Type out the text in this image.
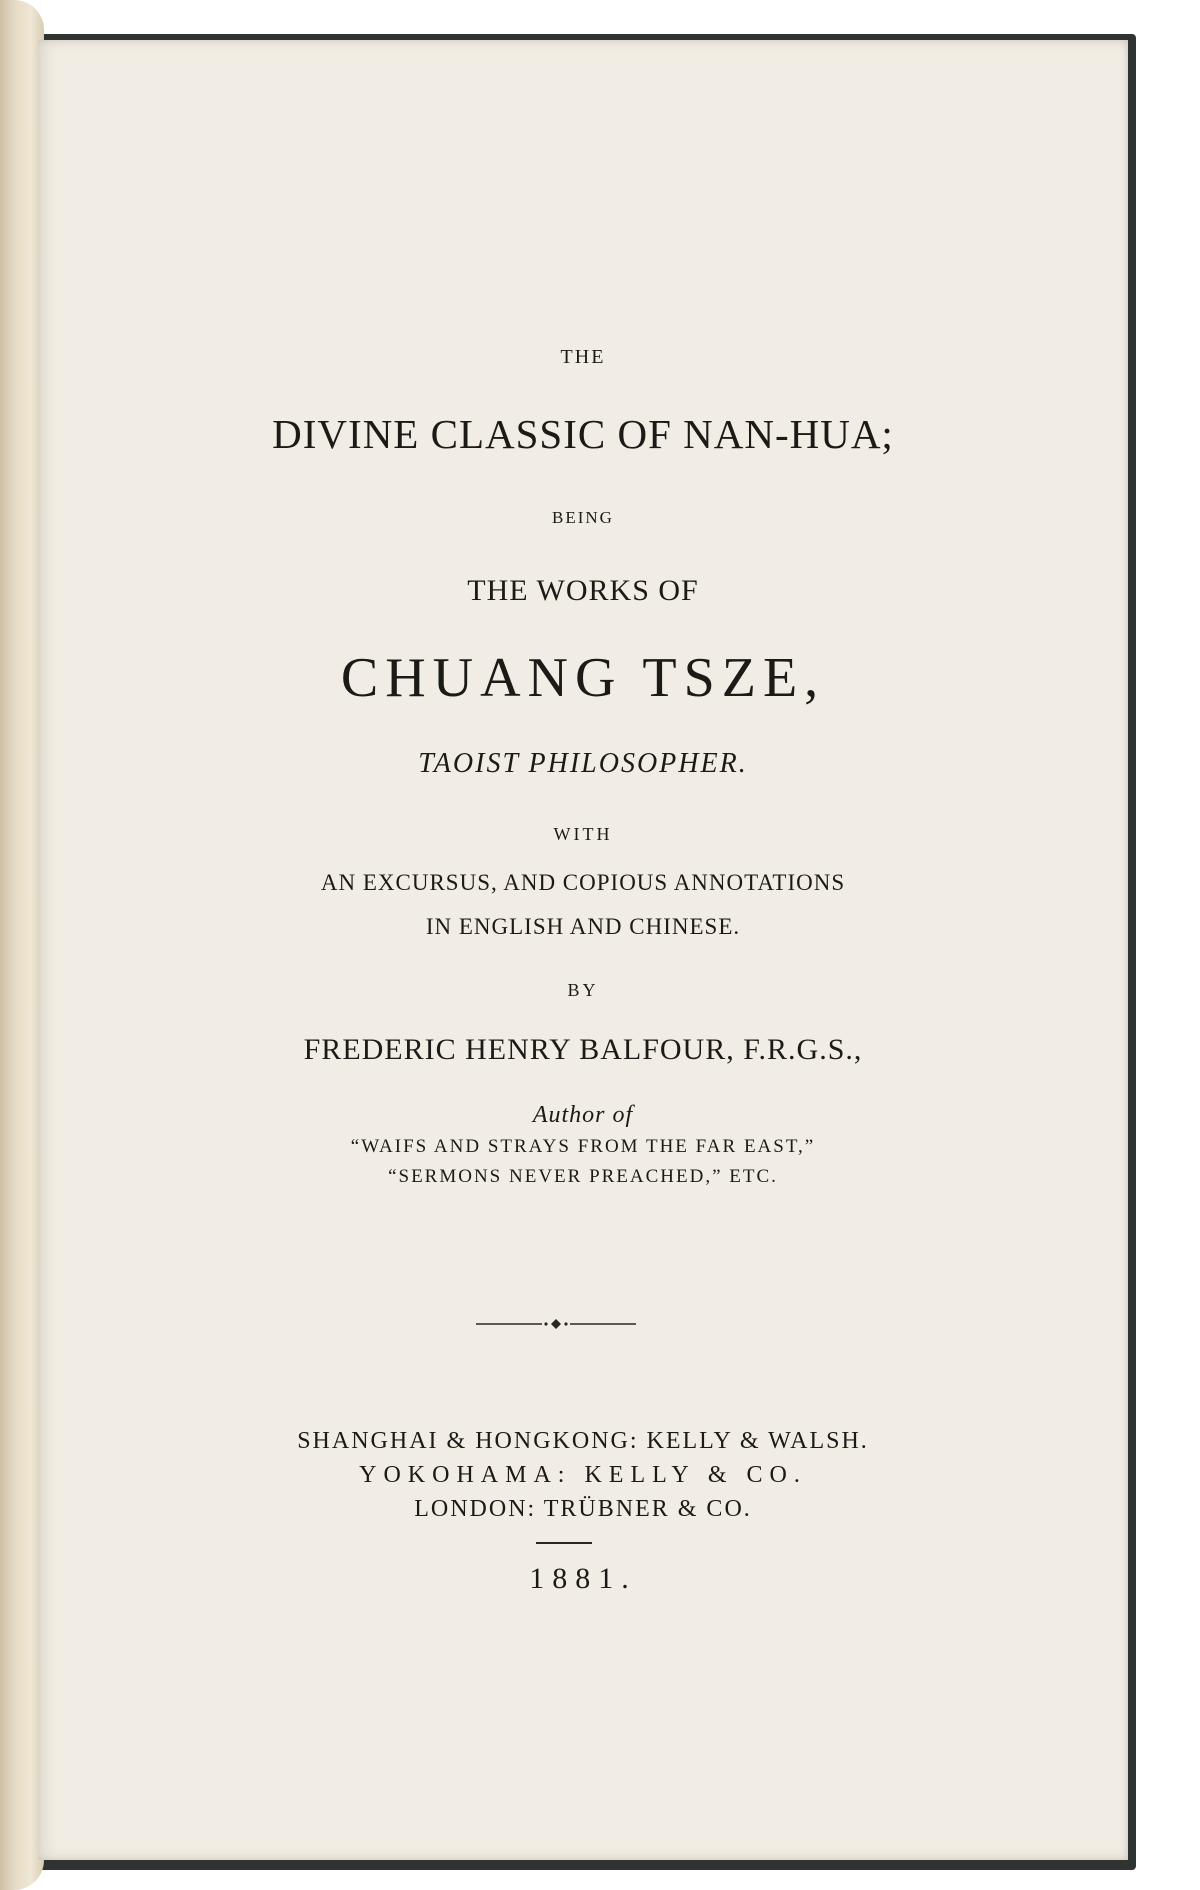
THE
DIVINE CLASSIC OF NAN-HUA;
BEING
THE WORKS OF
CHUANG TSZE,
TAOIST PHILOSOPHER.
WITH
AN EXCURSUS, AND COPIOUS ANNOTATIONS
IN ENGLISH AND CHINESE.
BY
FREDERIC HENRY BALFOUR, F.R.G.S.,
Author of
“WAIFS AND STRAYS FROM THE FAR EAST,”
“SERMONS NEVER PREACHED,” ETC.
SHANGHAI & HONGKONG: KELLY & WALSH.
YOKOHAMA: KELLY & CO.
LONDON: TRÜBNER & CO.
1881.
